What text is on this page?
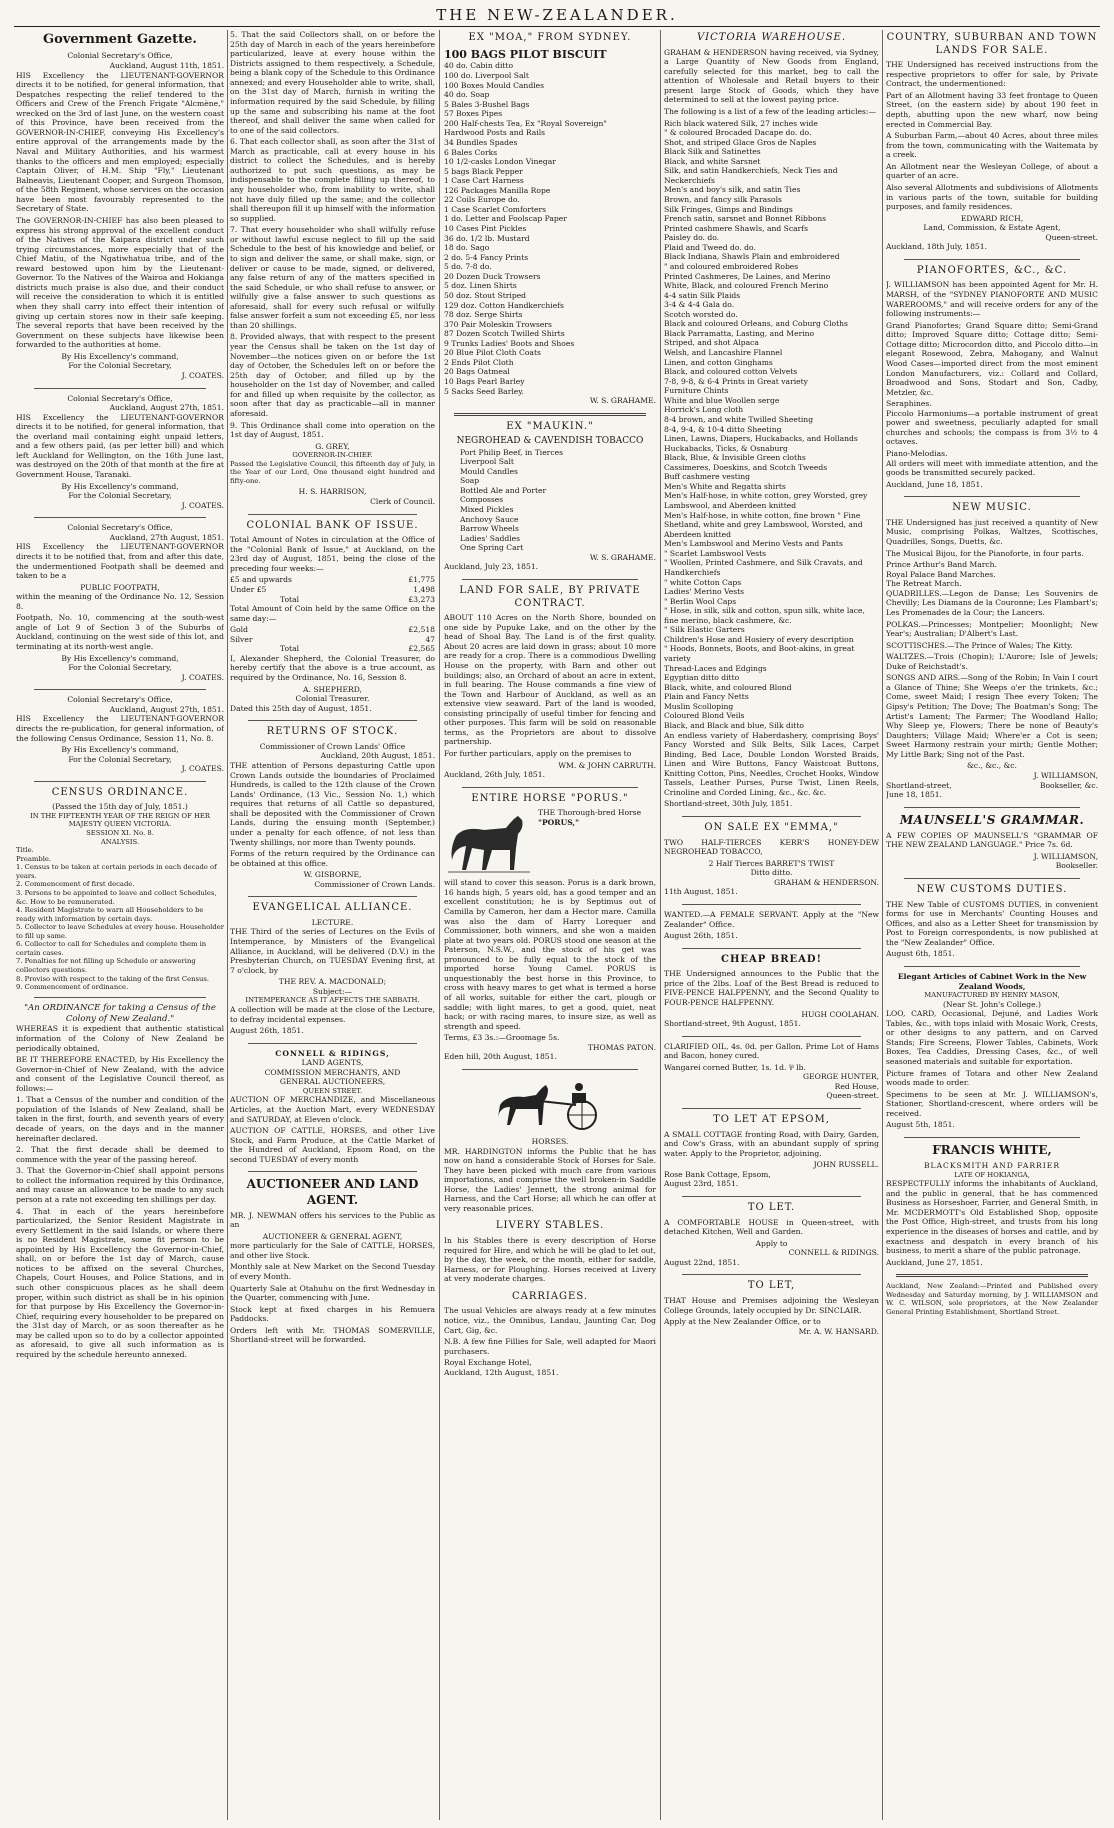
THE NEW-ZEALANDER.
Government Gazette.
Colonial Secretary's Office,
Auckland, August 11th, 1851.

HIS Excellency the LIEUTENANT-GOVERNOR directs it to be notified, for general information, that Despatches respecting the relief tendered to the Officers and Crew of the French Frigate "Alcmène," wrecked on the 3rd of last June, on the western coast of this Province, have been received from the GOVERNOR-IN-CHIEF, conveying His Excellency's entire approval of the arrangements made by the Naval and Military Authorities, and his warmest thanks to the officers and men employed; especially Captain Oliver, of H.M. Ship "Fly," Lieutenant Balneavis, Lieutenant Cooper, and Surgeon Thomson, of the 58th Regiment, whose services on the occasion have been most favourably represented to the Secretary of State.

The GOVERNOR-IN-CHIEF has also been pleased to express his strong approval of the excellent conduct of the Natives of the Kaipara district under such trying circumstances, more especially that of the Chief Matiu, of the Ngatiwhatua tribe, and of the reward bestowed upon him by the Lieutenant-Governor. To the Natives of the Wairoa and Hokianga districts much praise is also due, and their conduct will receive the consideration to which it is entitled when they shall carry into effect their intention of giving up certain stores now in their safe keeping. The several reports that have been received by the Government on these subjects have likewise been forwarded to the authorities at home.

By His Excellency's command,
For the Colonial Secretary,
J. COATES.
Colonial Secretary's Office,
Auckland, August 27th, 1851.

HIS Excellency the LIEUTENANT-GOVERNOR directs it to be notified, for general information, that the overland mail containing eight unpaid letters, and a few others paid, (as per letter bill) and which left Auckland for Wellington, on the 16th June last, was destroyed on the 20th of that month at the fire at Government House, Taranaki.

By His Excellency's command,
For the Colonial Secretary,
J. COATES.
Colonial Secretary's Office,
Auckland, 27th August, 1851.

HIS Excellency the LIEUTENANT-GOVERNOR directs it to be notified that, from and after this date, the undermentioned Footpath shall be deemed and taken to be a

PUBLIC FOOTPATH,

within the meaning of the Ordinance No. 12, Session 8.

Footpath, No. 10, commencing at the south-west angle of Lot 9 of Section 3 of the Suburbs of Auckland, continuing on the west side of this lot, and terminating at its north-west angle.

By His Excellency's command,
For the Colonial Secretary,
J. COATES.
Colonial Secretary's Office,
Auckland, August 27th, 1851.

HIS Excellency the LIEUTENANT-GOVERNOR directs the re-publication, for general information, of the following Census Ordinance, Session 11, No. 8.

By His Excellency's command,
For the Colonial Secretary,
J. COATES.
CENSUS ORDINANCE.
(Passed the 15th day of July, 1851.)
IN THE FIFTEENTH YEAR OF THE REIGN OF HER MAJESTY QUEEN VICTORIA.
SESSION XI. No. 8.
ANALYSIS.
Title.
Preamble.
1. Census to be taken at certain periods in each decade of years.
2. Commencement of first decade.
3. Persons to be appointed to leave and collect Schedules, &c. How to be remunerated.
4. Resident Magistrate to warn all Householders to be ready with information by certain days.
5. Collector to leave Schedules at every house. Householder to fill up same.
6. Collector to call for Schedules and complete them in certain cases.
7. Penalties for not filling up Schedule or answering collectors questions.
8. Proviso with respect to the taking of the first Census.
9. Commencement of ordinance.
"An ORDINANCE for taking a Census of the Colony of New Zealand."

WHEREAS it is expedient that authentic statistical information of the Colony of New Zealand be periodically obtained,

BE IT THEREFORE ENACTED, by His Excellency the Governor-in-Chief of New Zealand, with the advice and consent of the Legislative Council thereof, as follows:—

1. That a Census of the number and condition of the population of the Islands of New Zealand, shall be taken in the first, fourth, and seventh years of every decade of years, on the days and in the manner hereinafter declared.

2. That the first decade shall be deemed to commence with the year of the passing hereof.

3. That the Governor-in-Chief shall appoint persons to collect the information required by this Ordinance, and may cause an allowance to be made to any such person at a rate not exceeding ten shillings per day.

4. That in each of the years hereinbefore particularized, the Senior Resident Magistrate in every Settlement in the said Islands, or where there is no Resident Magistrate, some fit person to be appointed by His Excellency the Governor-in-Chief, shall, on or before the 1st day of March, cause notices to be affixed on the several Churches, Chapels, Court Houses, and Police Stations, and in such other conspicuous places as he shall deem proper, within such district as shall be in his opinion for that purpose by His Excellency the Governor-in-Chief, requiring every householder to be prepared on the 31st day of March, or as soon thereafter as he may be called upon so to do by a collector appointed as aforesaid, to give all such information as is required by the schedule hereunto annexed.

5. That the said Collectors shall, on or before the 25th day of March in each of the years hereinbefore particularized, leave at every house within the Districts assigned to them respectively, a Schedule, being a blank copy of the Schedule to this Ordinance annexed; and every Householder able to write, shall, on the 31st day of March, furnish in writing the information required by the said Schedule, by filling up the same and subscribing his name at the foot thereof, and shall deliver the same when called for to one of the said collectors.

6. That each collector shall, as soon after the 31st of March as practicable, call at every house in his district to collect the Schedules, and is hereby authorized to put such questions, as may be indispensable to the complete filling up thereof, to any householder who, from inability to write, shall not have duly filled up the same; and the collector shall thereupon fill it up himself with the information so supplied.

7. That every householder who shall wilfully refuse or without lawful excuse neglect to fill up the said Schedule to the best of his knowledge and belief, or to sign and deliver the same, or shall make, sign, or deliver or cause to be made, signed, or delivered, any false return of any of the matters specified in the said Schedule, or who shall refuse to answer, or wilfully give a false answer to such questions as aforesaid, shall for every such refusal or wilfully false answer forfeit a sum not exceeding £5, nor less than 20 shillings.

8. Provided always, that with respect to the present year the Census shall be taken on the 1st day of November—the notices given on or before the 1st day of October, the Schedules left on or before the 25th day of October, and filled up by the householder on the 1st day of November, and called for and filled up when requisite by the collector, as soon after that day as practicable—all in manner aforesaid.

9. This Ordinance shall come into operation on the 1st day of August, 1851.

G. GREY,
GOVERNOR-IN-CHIEF.

Passed the Legislative Council, this fifteenth day of July, in the Year of our Lord, One thousand eight hundred and fifty-one.

H. S. HARRISON,
Clerk of Council.
COLONIAL BANK OF ISSUE.

Total Amount of Notes in circulation at the Office of the "Colonial Bank of Issue," at Auckland, on the 23rd day of August, 1851, being the close of the preceding four weeks:—

£5 and upwards	£1,775
Under £5	1,498
Total	£3,273

Total Amount of Coin held by the same Office on the same day:—

Gold	£2,518
Silver	47
Total	£2,565

I, Alexander Shepherd, the Colonial Treasurer, do hereby certify that the above is a true account, as required by the Ordinance, No. 16, Session 8.

A. SHEPHERD,
Colonial Treasurer.
Dated this 25th day of August, 1851.
RETURNS OF STOCK.
Commissioner of Crown Lands' Office
Auckland, 20th August, 1851.

THE attention of Persons depasturing Cattle upon Crown Lands outside the boundaries of Proclaimed Hundreds, is called to the 12th clause of the Crown Lands' Ordinance, (13 Vic., Session No. 1,) which requires that returns of all Cattle so depastured, shall be deposited with the Commissioner of Crown Lands, during the ensuing month (September,) under a penalty for each offence, of not less than Twenty shillings, nor more than Twenty pounds.

Forms of the return required by the Ordinance can be obtained at this office.

W. GISBORNE,
Commissioner of Crown Lands.
EVANGELICAL ALLIANCE.
LECTURE.

THE Third of the series of Lectures on the Evils of Intemperance, by Ministers of the Evangelical Alliance, in Auckland, will be delivered (D.V.) in the Presbyterian Church, on TUESDAY Evening first, at 7 o'clock, by

THE REV. A. MACDONALD;
Subject:—
INTEMPERANCE AS IT AFFECTS THE SABBATH.

A collection will be made at the close of the Lecture, to defray incidental expenses.

August 26th, 1851.
CONNELL & RIDINGS,
LAND AGENTS,
COMMISSION MERCHANTS, AND
GENERAL AUCTIONEERS,
QUEEN STREET.

AUCTION OF MERCHANDIZE, and Miscellaneous Articles, at the Auction Mart, every WEDNESDAY and SATURDAY, at Eleven o'clock.

AUCTION OF CATTLE, HORSES, and other Live Stock, and Farm Produce, at the Cattle Market of the Hundred of Auckland, Epsom Road, on the second TUESDAY of every month

AUCTIONEER AND LAND AGENT.

MR. J. NEWMAN offers his services to the Public as an

AUCTIONEER & GENERAL AGENT,

more particularly for the Sale of CATTLE, HORSES, and other live Stock.

Monthly sale at New Market on the Second Tuesday of every Month.

Quarterly Sale at Otahuhu on the first Wednesday in the Quarter, commencing with June.

Stock kept at fixed charges in his Remuera Paddocks.

Orders left with Mr. THOMAS SOMERVILLE, Shortland-street will be forwarded.

EX "MOA," FROM SYDNEY.
100 BAGS PILOT BISCUIT
40 do. Cabin ditto
100 do. Liverpool Salt
100 Boxes Mould Candles
40 do. Soap
5 Bales 3-Bushel Bags
57 Boxes Pipes
200 Half-chests Tea, Ex "Royal Sovereign"
Hardwood Posts and Rails
34 Bundles Spades
6 Bales Corks
10 1/2-casks London Vinegar
5 bags Black Pepper
1 Case Cart Harness
126 Packages Manilla Rope
22 Coils Europe do.
1 Case Scarlet Comforters
1 do. Letter and Foolscap Paper
10 Cases Pint Pickles
36 do. 1/2 lb. Mustard
18 do. Sago
2 do. 5-4 Fancy Prints
5 do. 7-8 do.
20 Dozen Duck Trowsers
5 doz. Linen Shirts
50 doz. Stout Striped
129 doz. Cotton Handkerchiefs
78 doz. Serge Shirts
370 Pair Moleskin Trowsers
87 Dozen Scotch Twilled Shirts
9 Trunks Ladies' Boots and Shoes
20 Blue Pilot Cloth Coats
2 Ends Pilot Cloth
20 Bags Oatmeal
10 Bags Pearl Barley
5 Sacks Seed Barley.
W. S. GRAHAME.
EX "MAUKIN."
NEGROHEAD & CAVENDISH TOBACCO
Port Philip Beef, in Tierces
Liverpool Salt
Mould Candles
Soap
Bottled Ale and Porter
Composses
Mixed Pickles
Anchovy Sauce
Barrow Wheels
Ladies' Saddles
One Spring Cart
W. S. GRAHAME.
Auckland, July 23, 1851.
LAND FOR SALE, BY PRIVATE CONTRACT.

ABOUT 110 Acres on the North Shore, bounded on one side by Pupuke Lake, and on the other by the head of Shoal Bay. The Land is of the first quality. About 20 acres are laid down in grass; about 10 more are ready for a crop. There is a commodious Dwelling House on the property, with Barn and other out buildings; also, an Orchard of about an acre in extent, in full bearing. The House commands a fine view of the Town and Harbour of Auckland, as well as an extensive view seaward. Part of the land is wooded, consisting principally of useful timber for fencing and other purposes. This farm will be sold on reasonable terms, as the Proprietors are about to dissolve partnership.

For further particulars, apply on the premises to

WM. & JOHN CARRUTH.
Auckland, 26th July, 1851.
ENTIRE HORSE "PORUS."
THE Thorough-bred Horse
"PORUS,"

will stand to cover this season. Porus is a dark brown, 16 hands high, 5 years old, has a good temper and an excellent constitution; he is by Septimus out of Camilla by Cameron, her dam a Hector mare. Camilla was also the dam of Harry Lorequer and Commissioner, both winners, and she won a maiden plate at two years old. PORUS stood one season at the Paterson, N.S.W., and the stock of his get was pronounced to be fully equal to the stock of the imported horse Young Camel. PORUS is unquestionably the best horse in this Province, to cross with heavy mares to get what is termed a horse of all works, suitable for either the cart, plough or saddle; with light mares, to get a good, quiet, neat hack; or with racing mares, to insure size, as well as strength and speed.

Terms, £3 3s.:—Groomage 5s.
THOMAS PATON.
Eden hill, 20th August, 1851.
HORSES.

MR. HARDINGTON informs the Public that he has now on hand a considerable Stock of Horses for Sale. They have been picked with much care from various importations, and comprise the well broken-in Saddle Horse, the Ladies' Jennett, the strong animal for Harness, and the Cart Horse; all which he can offer at very reasonable prices.

LIVERY STABLES.

In his Stables there is every description of Horse required for Hire, and which he will be glad to let out, by the day, the week, or the month, either for saddle, Harness, or for Ploughing. Horses received at Livery at very moderate charges.

CARRIAGES.

The usual Vehicles are always ready at a few minutes notice, viz., the Omnibus, Landau, Jaunting Car, Dog Cart, Gig, &c.

N.B. A few fine Fillies for Sale, well adapted for Maori purchasers.

Royal Exchange Hotel,
Auckland, 12th August, 1851.
VICTORIA WAREHOUSE.

GRAHAM & HENDERSON having received, via Sydney, a Large Quantity of New Goods from England, carefully selected for this market, beg to call the attention of Wholesale and Retail buyers to their present large Stock of Goods, which they have determined to sell at the lowest paying price.

The following is a list of a few of the leading articles:—

Rich black watered Silk, 27 inches wide
" & coloured Brocaded Dacape do. do.
Shot, and striped Glace Gros de Naples
Black Silk and Satinettes
Black, and white Sarsnet
Silk, and satin Handkerchiefs, Neck Ties and Neckerchiefs
Men's and boy's silk, and satin Ties
Brown, and fancy silk Parasols
Silk Fringes, Gimps and Bindings
French satin, sarsnet and Bonnet Ribbons
Printed cashmere Shawls, and Scarfs
Paisley do. do.
Plaid and Tweed do. do.
Black Indiana, Shawls Plain and embroidered
" and coloured embroidered Robes
Printed Cashmeres, De Laines, and Merino
White, Black, and coloured French Merino
4-4 satin Silk Plaids
3-4 & 4-4 Gala do.
Scotch worsted do.
Black and coloured Orleans, and Coburg Cloths
Black Parramatta, Lasting, and Merino
Striped, and shot Alpaca
Welsh, and Lancashire Flannel
Linen, and cotton Ginghams
Black, and coloured cotton Velvets
7-8, 9-8, & 6-4 Prints in Great variety
Furniture Chints
White and blue Woollen serge
Horrick's Long cloth
8-4 brown, and white Twilled Sheeting
8-4, 9-4, & 10-4 ditto Sheeting
Linen, Lawns, Diapers, Huckabacks, and Hollands
Huckabacks, Ticks, & Osnaburg
Black, Blue, & Invisible Green cloths
Cassimeres, Doeskins, and Scotch Tweeds
Buff cashmere vesting
Men's White and Regatta shirts
Men's Half-hose, in white cotton, grey Worsted, grey Lambswool, and Aberdeen knitted
Men's Half-hose, in white cotton, fine brown " Fine Shetland, white and grey Lambswool, Worsted, and Aberdeen knitted
Men's Lambswool and Merino Vests and Pants
" Scarlet Lambswool Vests
" Woollen, Printed Cashmere, and Silk Cravats, and Handkerchiefs
" white Cotton Caps
Ladies' Merino Vests
" Berlin Wool Caps
" Hose, in silk, silk and cotton, spun silk, white lace, fine merino, black cashmere, &c.
" Silk Elastic Garters
Children's Hose and Hosiery of every description
" Hoods, Bonnets, Boots, and Boot-akins, in great variety
Thread-Laces and Edgings
Egyptian ditto ditto
Black, white, and coloured Blond
Plain and Fancy Netts
Muslin Scolloping
Coloured Blond Veils
Black, and Black and blue, Silk ditto

An endless variety of Haberdashery, comprising Boys' Fancy Worsted and Silk Belts, Silk Laces, Carpet Binding, Bed Lace, Double London Worsted Braids, Linen and Wire Buttons, Fancy Waistcoat Buttons, Knitting Cotton, Pins, Needles, Crochet Hooks, Window Tassels, Leather Purses, Purse Twist, Linen Reels, Crinoline and Corded Lining, &c., &c. &c.

Shortland-street, 30th July, 1851.
ON SALE EX "EMMA,"

TWO HALF-TIERCES KERR'S HONEY-DEW NEGROHEAD TOBACCO,

2 Half Tierces BARRET'S TWIST
Ditto ditto.
GRAHAM & HENDERSON.
11th August, 1851.

WANTED.—A FEMALE SERVANT. Apply at the "New Zealander" Office.

August 26th, 1851.
CHEAP BREAD!

THE Undersigned announces to the Public that the price of the 2lbs. Loaf of the Best Bread is reduced to FIVE-PENCE HALFPENNY, and the Second Quality to FOUR-PENCE HALFPENNY.

HUGH COOLAHAN.
Shortland-street, 9th August, 1851.

CLARIFIED OIL, 4s. 0d. per Gallon. Prime Lot of Hams and Bacon, honey cured.

Wangarei corned Butter, 1s. 1d. ⅌ lb.
GEORGE HUNTER,
Red House,
Queen-street.
TO LET AT EPSOM,

A SMALL COTTAGE fronting Road, with Dairy, Garden, and Cow's Grass, with an abundant supply of spring water. Apply to the Proprietor, adjoining.

JOHN RUSSELL.
Rose Bank Cottage, Epsom,
August 23rd, 1851.
TO LET.

A COMFORTABLE HOUSE in Queen-street, with detached Kitchen, Well and Garden.

Apply to
CONNELL & RIDINGS.
August 22nd, 1851.
TO LET,

THAT House and Premises adjoining the Wesleyan College Grounds, lately occupied by Dr. SINCLAIR.

Apply at the New Zealander Office, or to
Mr. A. W. HANSARD.
COUNTRY, SUBURBAN AND TOWN LANDS FOR SALE.

THE Undersigned has received instructions from the respective proprietors to offer for sale, by Private Contract, the undermentioned:

Part of an Allotment having 33 feet frontage to Queen Street, (on the eastern side) by about 190 feet in depth, abutting upon the new wharf, now being erected in Commercial Bay.

A Suburban Farm,—about 40 Acres, about three miles from the town, communicating with the Waitemata by a creek.

An Allotment near the Wesleyan College, of about a quarter of an acre.

Also several Allotments and subdivisions of Allotments in various parts of the town, suitable for building purposes, and family residences.

EDWARD RICH,
Land, Commission, & Estate Agent,
Queen-street.
Auckland, 18th July, 1851.
PIANOFORTES, &C., &C.

J. WILLIAMSON has been appointed Agent for Mr. H. MARSH, of the "SYDNEY PIANOFORTE AND MUSIC WAREROOMS," and will receive orders for any of the following instruments:—

Grand Pianofortes; Grand Square ditto; Semi-Grand ditto; Improved Square ditto; Cottage ditto; Semi-Cottage ditto; Microcordon ditto, and Piccolo ditto—in elegant Rosewood, Zebra, Mahogany, and Walnut Wood Cases—imported direct from the most eminent London Manufacturers, viz.: Collard and Collard, Broadwood and Sons, Stodart and Son, Cadby, Metzler, &c.

Seraphines.

Piccolo Harmoniums—a portable instrument of great power and sweetness, peculiarly adapted for small churches and schools; the compass is from 3½ to 4 octaves.

Piano-Melodias.

All orders will meet with immediate attention, and the goods be transmitted securely packed.

Auckland, June 18, 1851.
NEW MUSIC.

THE Undersigned has just received a quantity of New Music, comprising Polkas, Waltzes, Scottisches, Quadrilles, Songs, Duetts, &c.

The Musical Bijou, for the Pianoforte, in four parts.

Prince Arthur's Band March.
Royal Palace Band Marches.
The Retreat March.

QUADRILLES.—Legon de Danse; Les Souvenirs de Chevilly; Les Diamans de la Couronne; Les Flambart's; Les Promenades de la Cour; the Lancers.

POLKAS.—Princesses; Montpelier; Moonlight; New Year's; Australian; D'Albert's Last.

SCOTTISCHES.—The Prince of Wales; The Kitty.

WALTZES.—Trois (Chopin); L'Aurore; Isle of Jewels; Duke of Reichstadt's.

SONGS AND AIRS.—Song of the Robin; In Vain I court a Glance of Thine; She Weeps o'er the trinkets, &c.; Come, sweet Maid; I resign Thee every Token; The Gipsy's Petition; The Dove; The Boatman's Song; The Artist's Lament; The Farmer; The Woodland Hallo; Why Sleep ye, Flowers; There be none of Beauty's Daughters; Village Maid; Where'er a Cot is seen; Sweet Harmony restrain your mirth; Gentle Mother; My Little Bark; Sing not of the Past.

&c., &c., &c.
J. WILLIAMSON,
Shortland-street,	Bookseller, &c.
June 18, 1851.
MAUNSELL'S GRAMMAR.

A FEW COPIES OF MAUNSELL'S "GRAMMAR OF THE NEW ZEALAND LANGUAGE." Price 7s. 6d.

J. WILLIAMSON,
Bookseller.
NEW CUSTOMS DUTIES.

THE New Table of CUSTOMS DUTIES, in convenient forms for use in Merchants' Counting Houses and Offices, and also as a Letter Sheet for transmission by Post to Foreign correspondents, is now published at the "New Zealander" Office.

August 6th, 1851.
Elegant Articles of Cabinet Work in the New Zealand Woods,
MANUFACTURED BY HENRY MASON,
(Near St. John's College.)

LOO, CARD, Occasional, Dejuné, and Ladies Work Tables, &c., with tops inlaid with Mosaic Work, Crests, or other designs to any pattern, and on Carved Stands; Fire Screens, Flower Tables, Cabinets, Work Boxes, Tea Caddies, Dressing Cases, &c., of well seasoned materials and suitable for exportation.

Picture frames of Totara and other New Zealand woods made to order.

Specimens to be seen at Mr. J. WILLIAMSON's, Stationer, Shortland-crescent, where orders will be received.

August 5th, 1851.
FRANCIS WHITE,
BLACKSMITH AND FARRIER
LATE OF HOKIANGA,

RESPECTFULLY informs the inhabitants of Auckland, and the public in general, that he has commenced Business as Horseshoer, Farrier, and General Smith, in Mr. MCDERMOTT's Old Established Shop, opposite the Post Office, High-street, and trusts from his long experience in the diseases of horses and cattle, and by exactness and despatch in every branch of his business, to merit a share of the public patronage.

Auckland, June 27, 1851.

Auckland, New Zealand:—Printed and Published every Wednesday and Saturday morning, by J. WILLIAMSON and W. C. WILSON, sole proprietors, at the New Zealander General Printing Establishment, Shortland Street.
